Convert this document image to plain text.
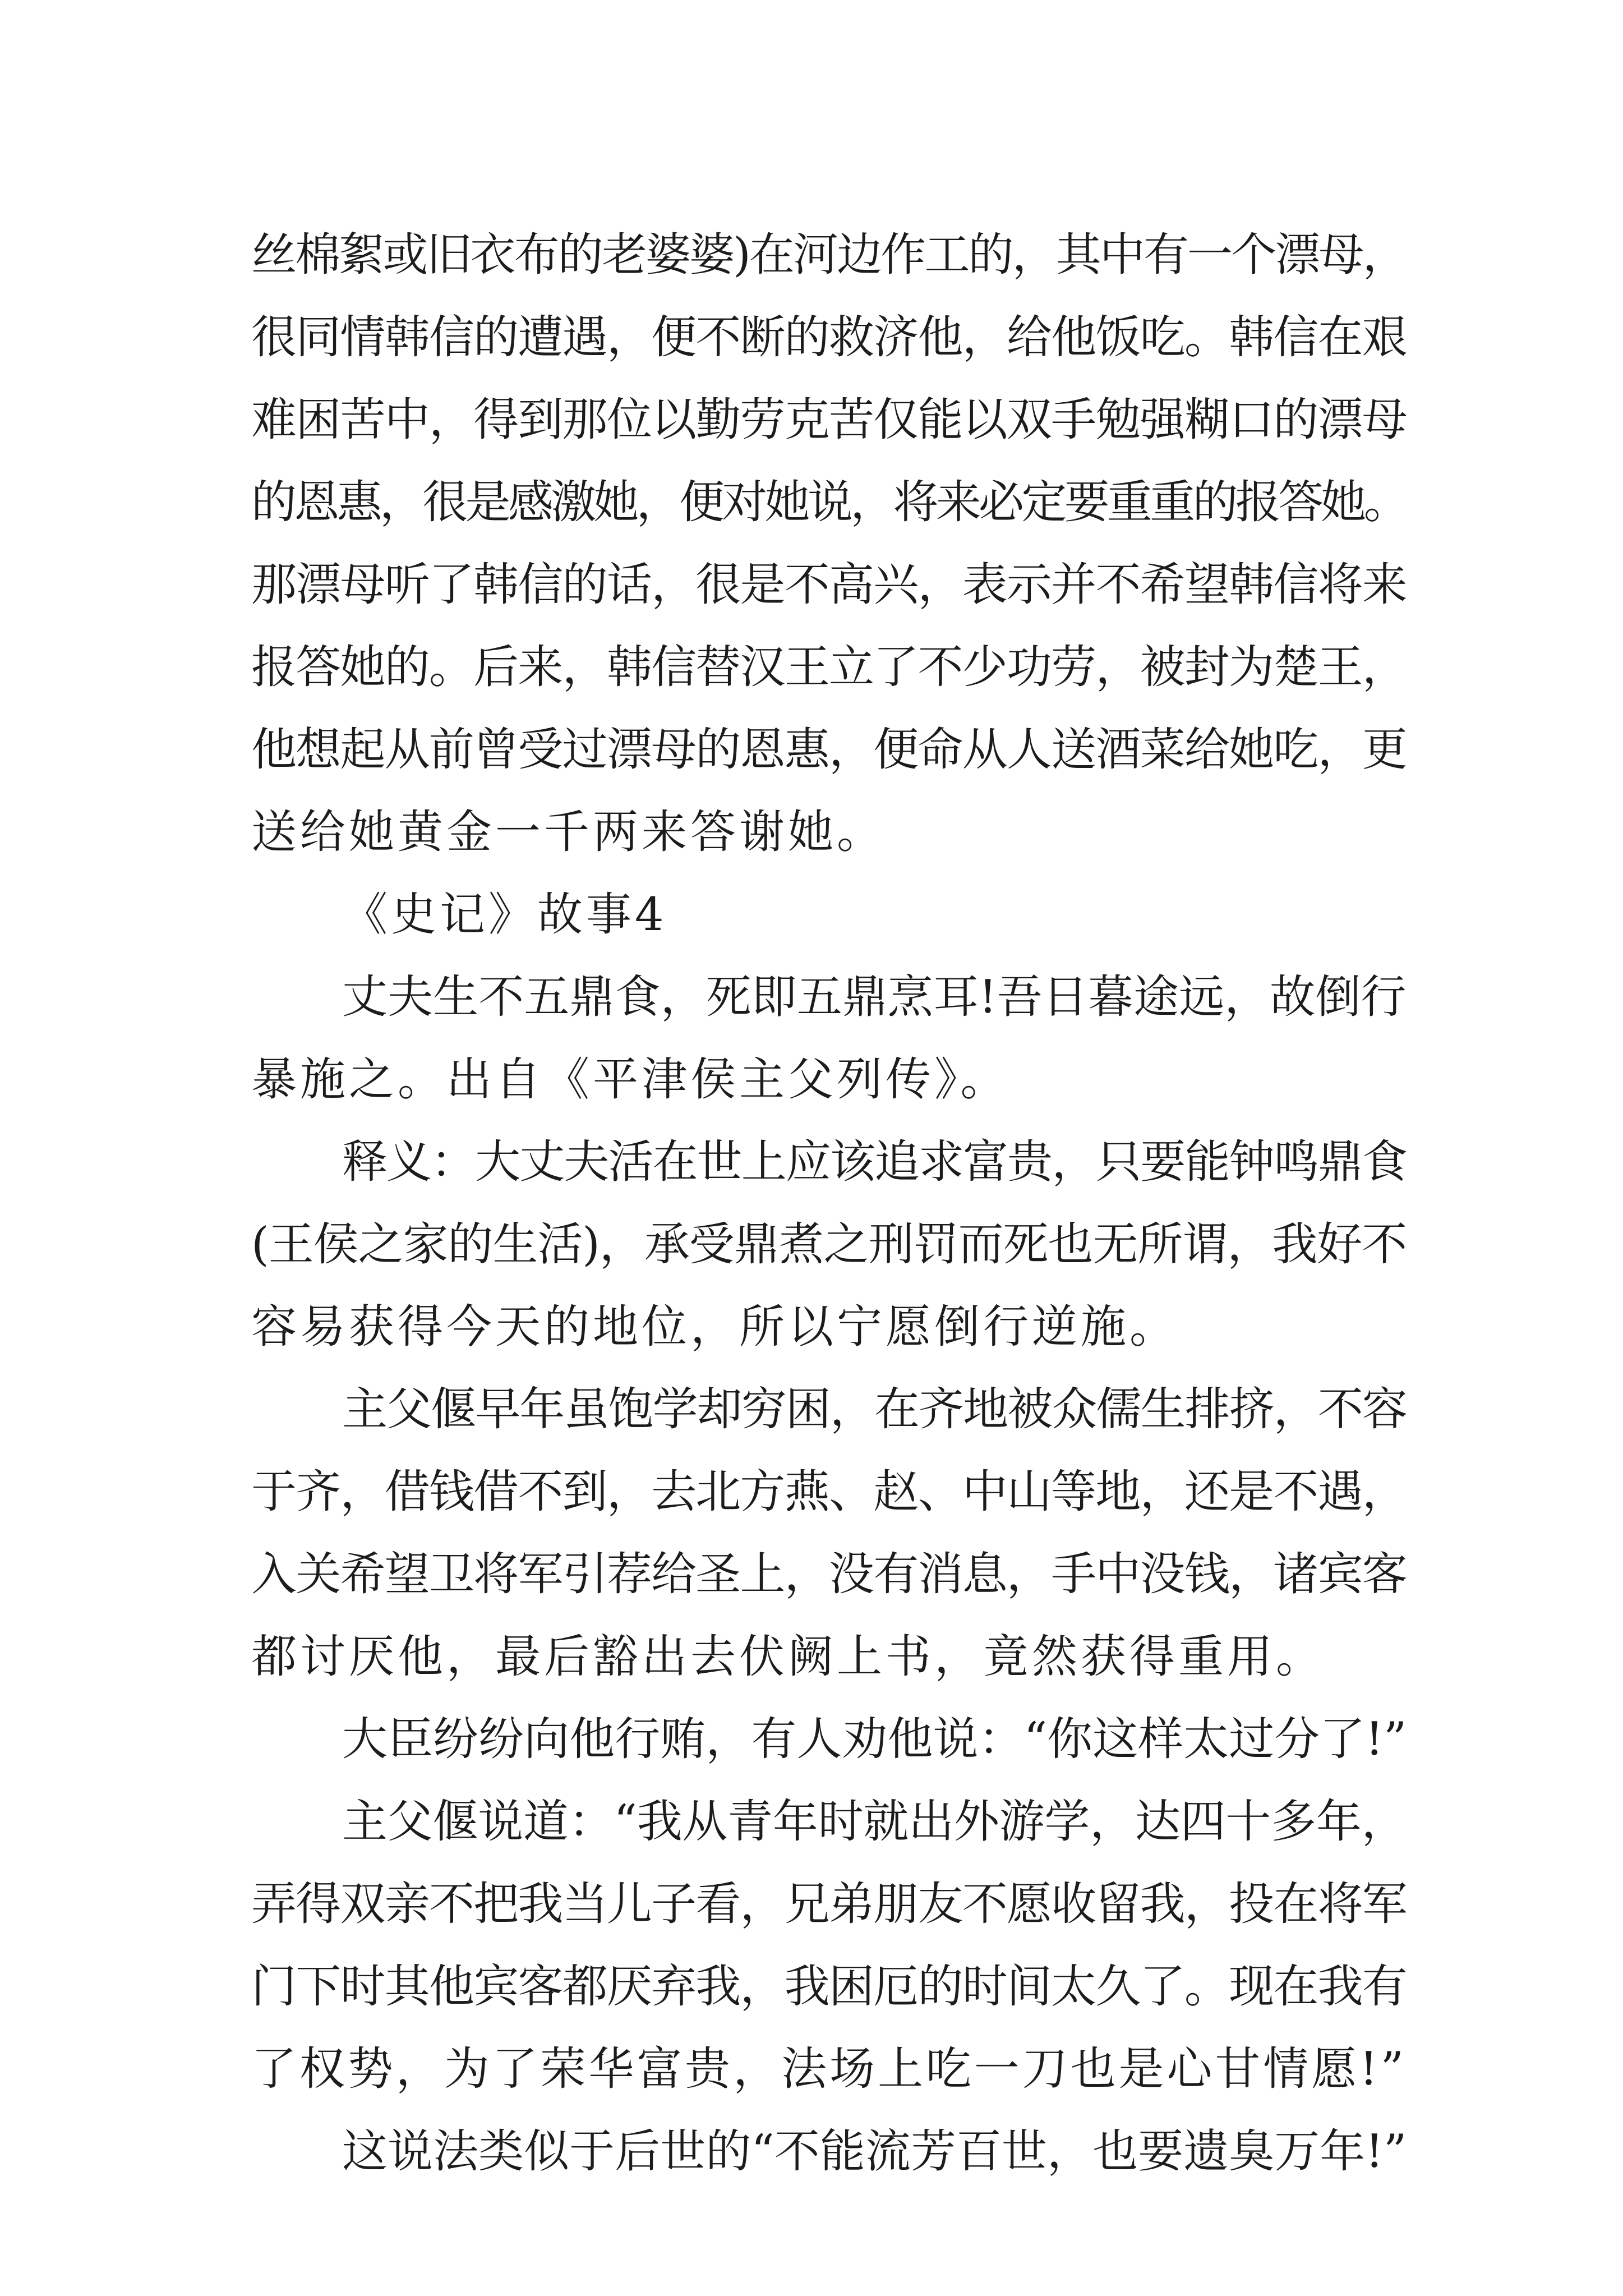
丝棉絮或旧衣布的老婆婆)在河边作工的，其中有一个漂母，
很同情韩信的遭遇，便不断的救济他，给他饭吃。韩信在艰
难困苦中，得到那位以勤劳克苦仅能以双手勉强糊口的漂母
的恩惠，很是感激她，便对她说，将来必定要重重的报答她。
那漂母听了韩信的话，很是不高兴，表示并不希望韩信将来
报答她的。后来，韩信替汉王立了不少功劳，被封为楚王，
他想起从前曾受过漂母的恩惠，便命从人送酒菜给她吃，更
送给她黄金一千两来答谢她。
《史记》故事4
丈夫生不五鼎食，死即五鼎烹耳!吾日暮途远，故倒行
暴施之。出自《平津侯主父列传》。
释义：大丈夫活在世上应该追求富贵，只要能钟鸣鼎食
(王侯之家的生活)，承受鼎煮之刑罚而死也无所谓，我好不
容易获得今天的地位，所以宁愿倒行逆施。
主父偃早年虽饱学却穷困，在齐地被众儒生排挤，不容
于齐，借钱借不到，去北方燕、赵、中山等地，还是不遇，
入关希望卫将军引荐给圣上，没有消息，手中没钱，诸宾客
都讨厌他，最后豁出去伏阙上书，竟然获得重用。
大臣纷纷向他行贿，有人劝他说：“你这样太过分了!”
主父偃说道：“我从青年时就出外游学，达四十多年，
弄得双亲不把我当儿子看，兄弟朋友不愿收留我，投在将军
门下时其他宾客都厌弃我，我困厄的时间太久了。现在我有
了权势，为了荣华富贵，法场上吃一刀也是心甘情愿!”
这说法类似于后世的“不能流芳百世，也要遗臭万年!”
